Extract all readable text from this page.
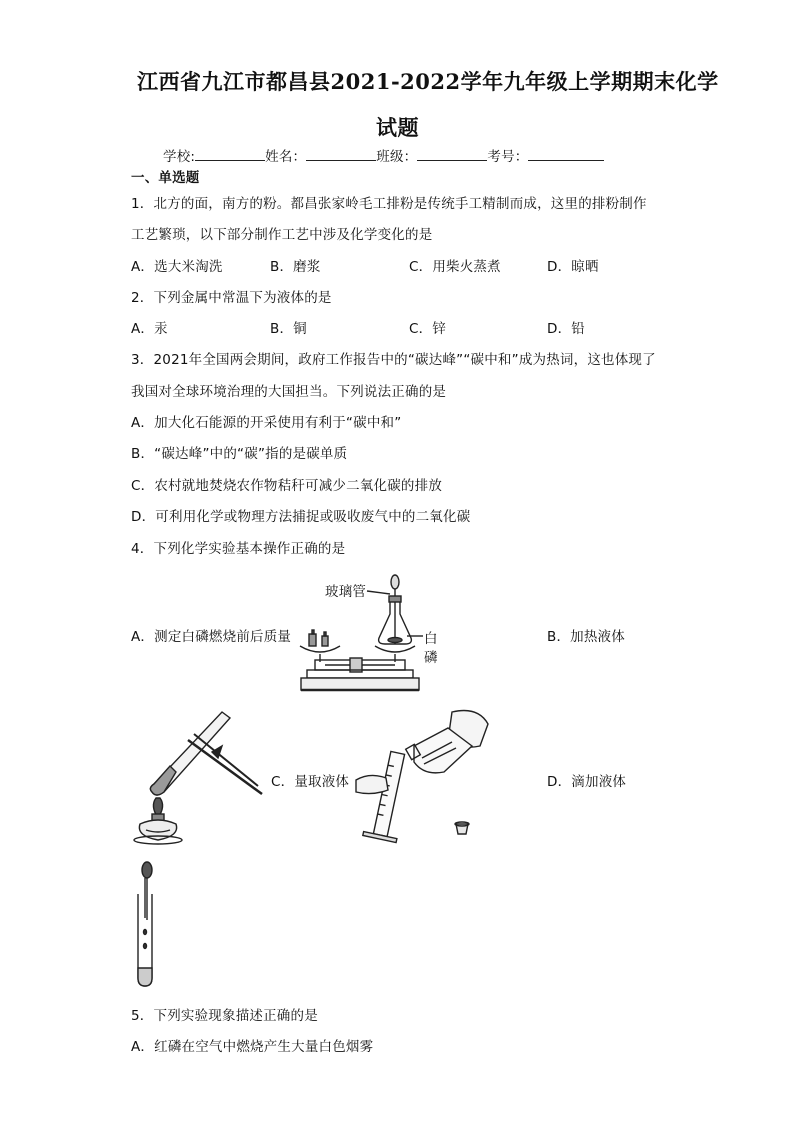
江西省九江市都昌县2021-2022学年九年级上学期期末化学
试题
学校:	姓名：	班级：	考号：
一、单选题
1．北方的面，南方的粉。都昌张家岭毛工排粉是传统手工精制而成，这里的排粉制作
工艺繁琐，以下部分制作工艺中涉及化学变化的是
A．选大米淘洗	B．磨浆	C．用柴火蒸煮	D．晾晒
2．下列金属中常温下为液体的是
A．汞	B．铜	C．锌	D．铅
3．2021年全国两会期间，政府工作报告中的“碳达峰”“碳中和”成为热词，这也体现了
我国对全球环境治理的大国担当。下列说法正确的是
A．加大化石能源的开采使用有利于“碳中和”
B．“碳达峰”中的“碳”指的是碳单质
C．农村就地焚烧农作物秸秆可减少二氧化碳的排放
D．可利用化学或物理方法捕捉或吸收废气中的二氧化碳
4．下列化学实验基本操作正确的是
A．测定白磷燃烧前后质量	B．加热液体
C．量取液体	D．滴加液体
玻璃管
白
磷
5．下列实验现象描述正确的是
A．红磷在空气中燃烧产生大量白色烟雾
